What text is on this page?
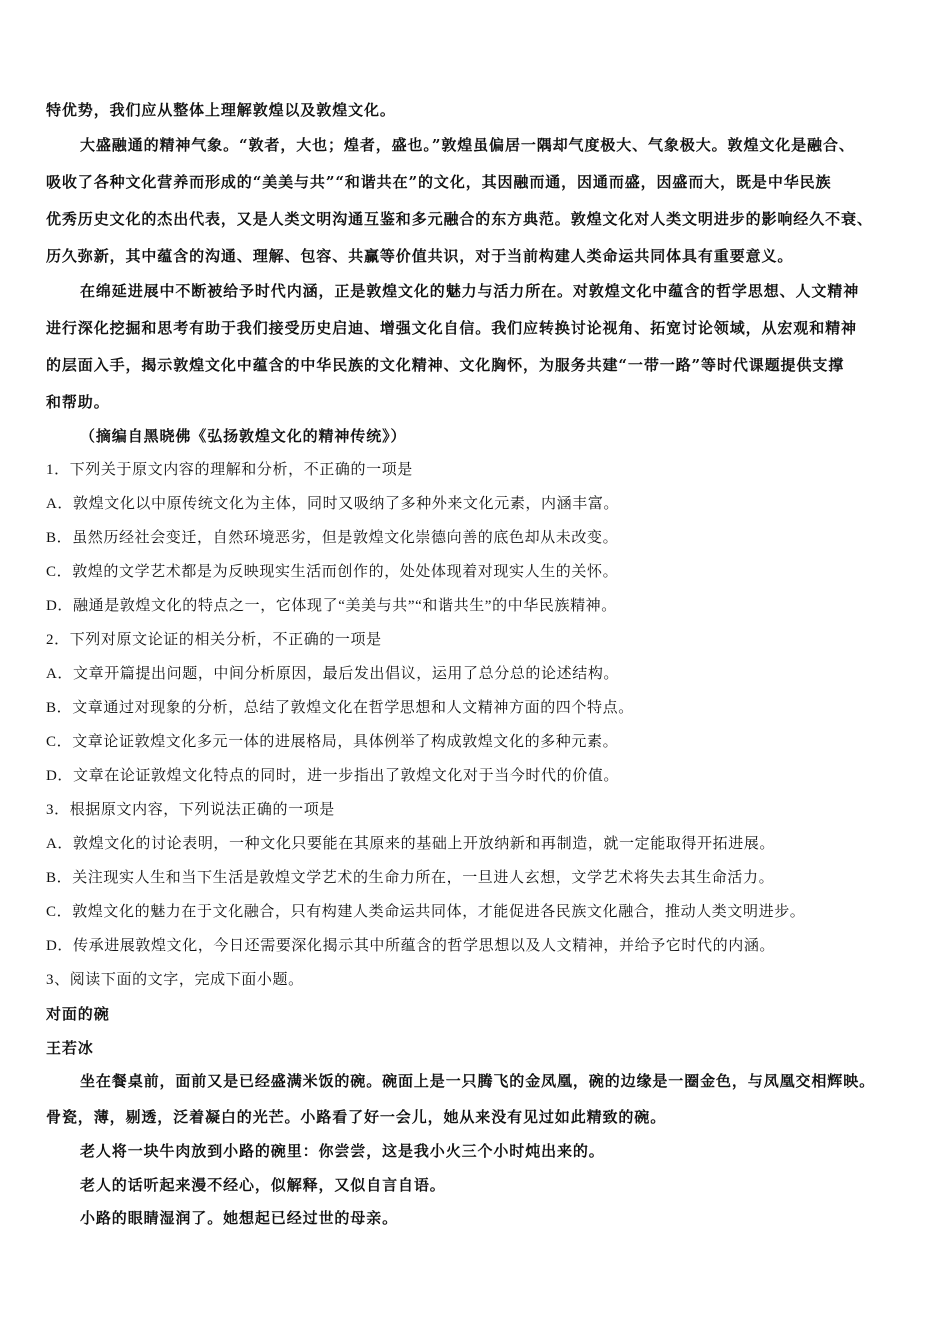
特优势，我们应从整体上理解敦煌以及敦煌文化。
大盛融通的精神气象。“敦者，大也；煌者，盛也。”敦煌虽偏居一隅却气度极大、气象极大。敦煌文化是融合、
吸收了各种文化营养而形成的“美美与共”“和谐共在”的文化，其因融而通，因通而盛，因盛而大，既是中华民族
优秀历史文化的杰出代表，又是人类文明沟通互鉴和多元融合的东方典范。敦煌文化对人类文明进步的影响经久不衰、
历久弥新，其中蕴含的沟通、理解、包容、共赢等价值共识，对于当前构建人类命运共同体具有重要意义。
在绵延进展中不断被给予时代内涵，正是敦煌文化的魅力与活力所在。对敦煌文化中蕴含的哲学思想、人文精神
进行深化挖掘和思考有助于我们接受历史启迪、增强文化自信。我们应转换讨论视角、拓宽讨论领域，从宏观和精神
的层面入手，揭示敦煌文化中蕴含的中华民族的文化精神、文化胸怀，为服务共建“一带一路”等时代课题提供支撑
和帮助。
（摘编自黑晓佛《弘扬敦煌文化的精神传统》）
1．下列关于原文内容的理解和分析，不正确的一项是
A．敦煌文化以中原传统文化为主体，同时又吸纳了多种外来文化元素，内涵丰富。
B．虽然历经社会变迁，自然环境恶劣，但是敦煌文化崇德向善的底色却从未改变。
C．敦煌的文学艺术都是为反映现实生活而创作的，处处体现着对现实人生的关怀。
D．融通是敦煌文化的特点之一，它体现了“美美与共”“和谐共生”的中华民族精神。
2．下列对原文论证的相关分析，不正确的一项是
A．文章开篇提出问题，中间分析原因，最后发出倡议，运用了总分总的论述结构。
B．文章通过对现象的分析，总结了敦煌文化在哲学思想和人文精神方面的四个特点。
C．文章论证敦煌文化多元一体的进展格局，具体例举了构成敦煌文化的多种元素。
D．文章在论证敦煌文化特点的同时，进一步指出了敦煌文化对于当今时代的价值。
3．根据原文内容，下列说法正确的一项是
A．敦煌文化的讨论表明，一种文化只要能在其原来的基础上开放纳新和再制造，就一定能取得开拓进展。
B．关注现实人生和当下生活是敦煌文学艺术的生命力所在，一旦进人玄想，文学艺术将失去其生命活力。
C．敦煌文化的魅力在于文化融合，只有构建人类命运共同体，才能促进各民族文化融合，推动人类文明进步。
D．传承进展敦煌文化，今日还需要深化揭示其中所蕴含的哲学思想以及人文精神，并给予它时代的内涵。
3、阅读下面的文字，完成下面小题。
对面的碗
王若冰
坐在餐桌前，面前又是已经盛满米饭的碗。碗面上是一只腾飞的金凤凰，碗的边缘是一圈金色，与凤凰交相辉映。
骨瓷，薄，剔透，泛着凝白的光芒。小路看了好一会儿，她从来没有见过如此精致的碗。
老人将一块牛肉放到小路的碗里：你尝尝，这是我小火三个小时炖出来的。
老人的话听起来漫不经心，似解释，又似自言自语。
小路的眼睛湿润了。她想起已经过世的母亲。
